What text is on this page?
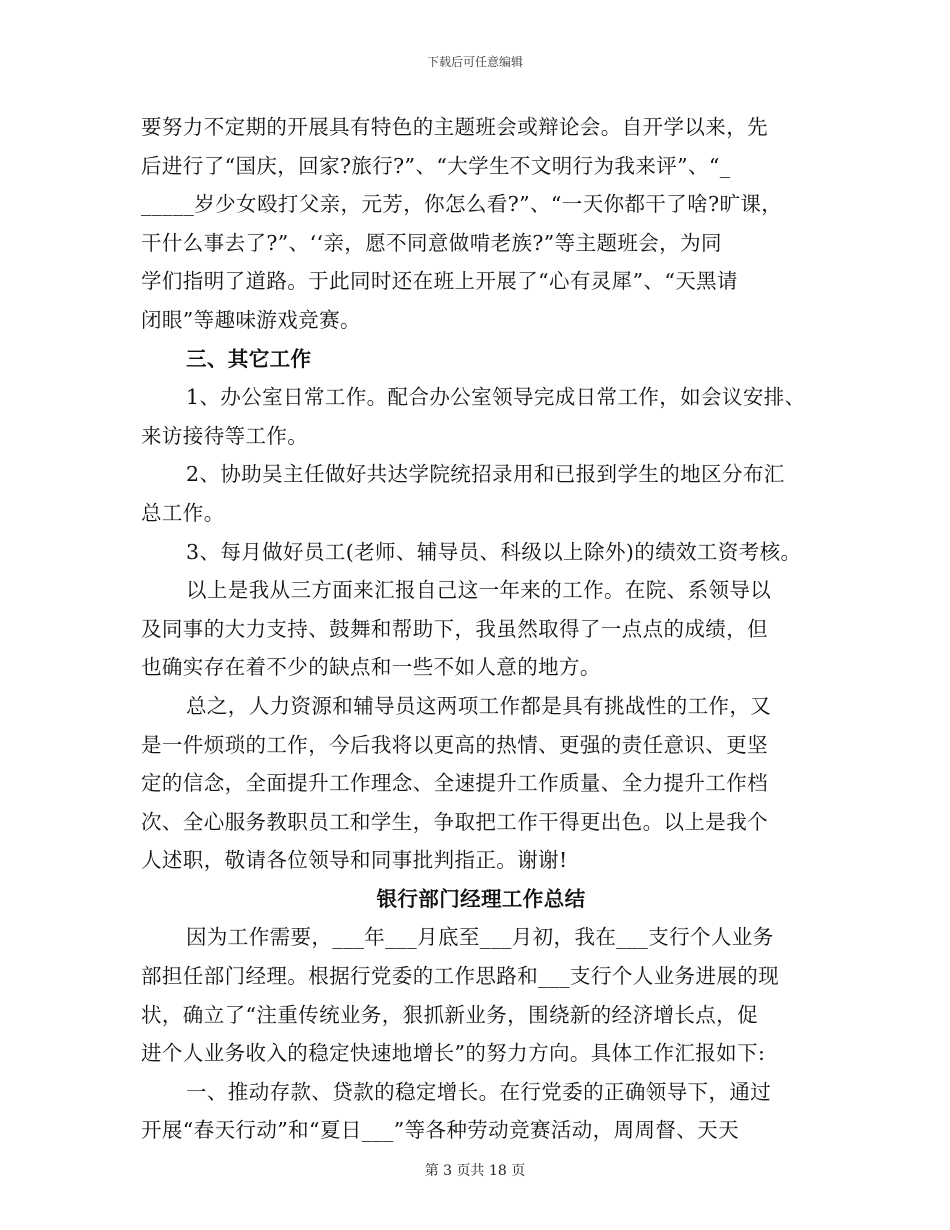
下载后可任意编辑
要努力不定期的开展具有特色的主题班会或辩论会。自开学以来，先
后进行了“国庆，回家?旅行?”、“大学生不文明行为我来评”、“_
_____岁少女殴打父亲，元芳，你怎么看?”、“一天你都干了啥?旷课，
干什么事去了?”、‘‘亲，愿不同意做啃老族?”等主题班会，为同
学们指明了道路。于此同时还在班上开展了“心有灵犀”、“天黑请
闭眼”等趣味游戏竞赛。
三、其它工作
1、办公室日常工作。配合办公室领导完成日常工作，如会议安排、
来访接待等工作。
2、协助吴主任做好共达学院统招录用和已报到学生的地区分布汇
总工作。
3、每月做好员工(老师、辅导员、科级以上除外)的绩效工资考核。
以上是我从三方面来汇报自己这一年来的工作。在院、系领导以
及同事的大力支持、鼓舞和帮助下，我虽然取得了一点点的成绩，但
也确实存在着不少的缺点和一些不如人意的地方。
总之，人力资源和辅导员这两项工作都是具有挑战性的工作，又
是一件烦琐的工作，今后我将以更高的热情、更强的责任意识、更坚
定的信念，全面提升工作理念、全速提升工作质量、全力提升工作档
次、全心服务教职员工和学生，争取把工作干得更出色。以上是我个
人述职，敬请各位领导和同事批判指正。谢谢!
银行部门经理工作总结
因为工作需要，___年___月底至___月初，我在___支行个人业务
部担任部门经理。根据行党委的工作思路和___支行个人业务进展的现
状，确立了“注重传统业务，狠抓新业务，围绕新的经济增长点，促
进个人业务收入的稳定快速地增长”的努力方向。具体工作汇报如下:
一、推动存款、贷款的稳定增长。在行党委的正确领导下，通过
开展“春天行动”和“夏日___”等各种劳动竞赛活动，周周督、天天
第 3 页共 18 页
